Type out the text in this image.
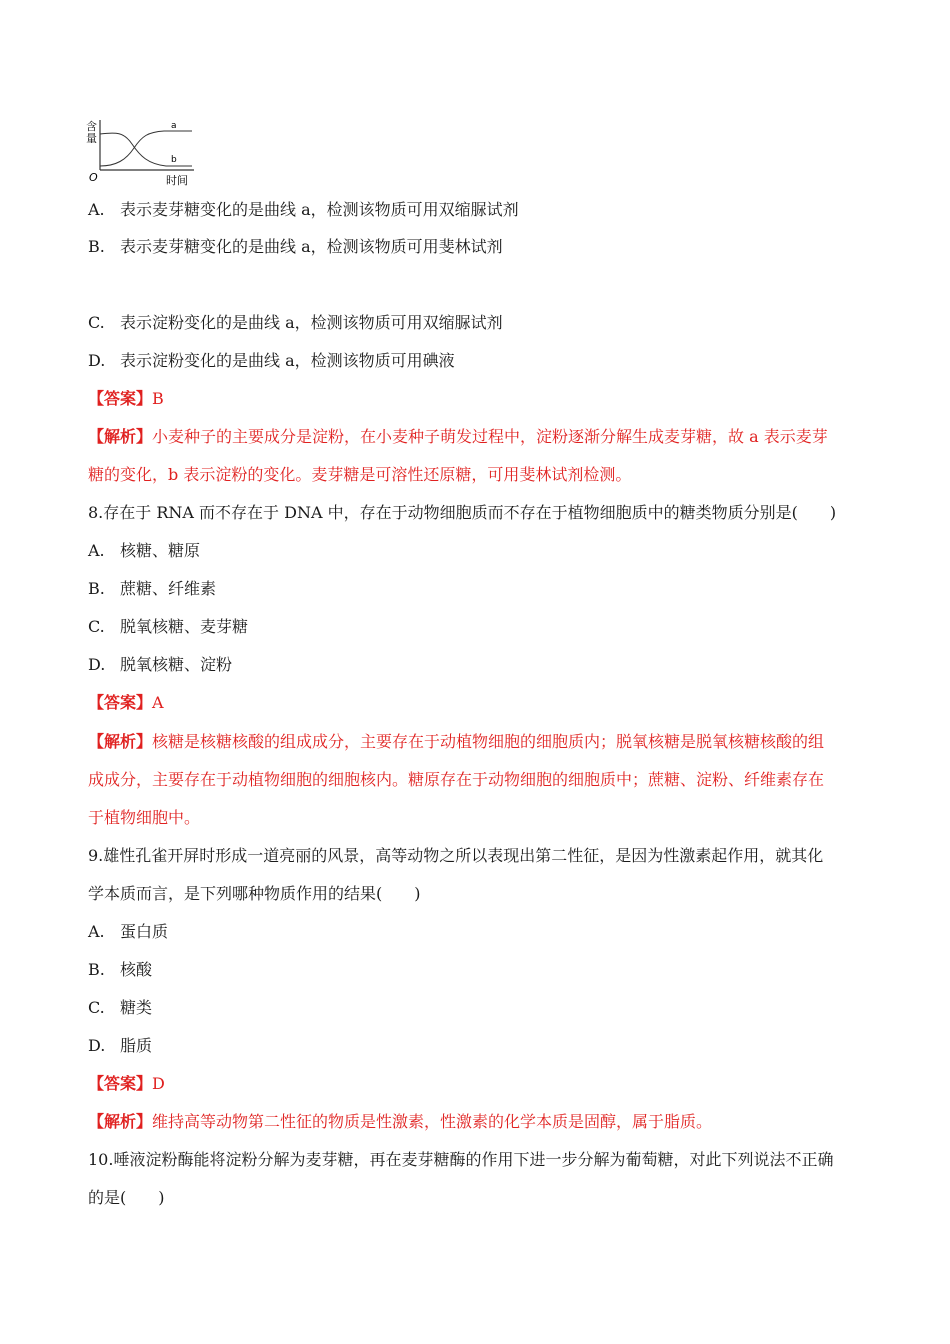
含
量
a
b
O	时间
A. 表示麦芽糖变化的是曲线 a，检测该物质可用双缩脲试剂
B. 表示麦芽糖变化的是曲线 a，检测该物质可用斐林试剂
C. 表示淀粉变化的是曲线 a，检测该物质可用双缩脲试剂
D. 表示淀粉变化的是曲线 a，检测该物质可用碘液
【答案】B
【解析】小麦种子的主要成分是淀粉，在小麦种子萌发过程中，淀粉逐渐分解生成麦芽糖，故 a 表示麦芽
糖的变化，b 表示淀粉的变化。麦芽糖是可溶性还原糖，可用斐林试剂检测。
8.存在于 RNA 而不存在于 DNA 中，存在于动物细胞质而不存在于植物细胞质中的糖类物质分别是(　　)
A. 核糖、糖原
B. 蔗糖、纤维素
C. 脱氧核糖、麦芽糖
D. 脱氧核糖、淀粉
【答案】A
【解析】核糖是核糖核酸的组成成分，主要存在于动植物细胞的细胞质内；脱氧核糖是脱氧核糖核酸的组
成成分，主要存在于动植物细胞的细胞核内。糖原存在于动物细胞的细胞质中；蔗糖、淀粉、纤维素存在
于植物细胞中。
9.雄性孔雀开屏时形成一道亮丽的风景，高等动物之所以表现出第二性征，是因为性激素起作用，就其化
学本质而言，是下列哪种物质作用的结果(　　)
A. 蛋白质
B. 核酸
C. 糖类
D. 脂质
【答案】D
【解析】维持高等动物第二性征的物质是性激素，性激素的化学本质是固醇，属于脂质。
10.唾液淀粉酶能将淀粉分解为麦芽糖，再在麦芽糖酶的作用下进一步分解为葡萄糖，对此下列说法不正确
的是(　　)
